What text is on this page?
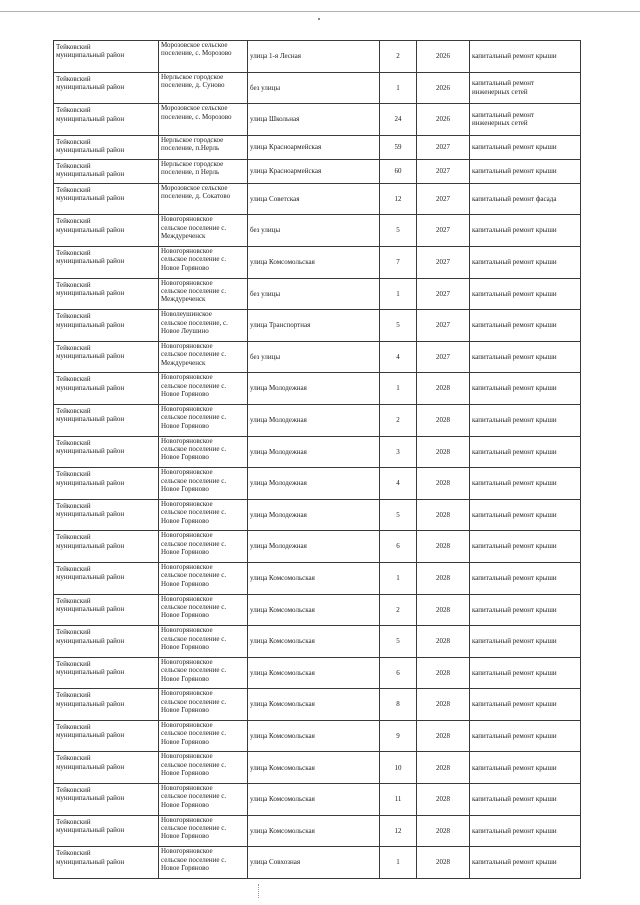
Тейковский
муниципальный район	Морозовское сельское
поселение, с. Морозово	улица 1-я Лесная	2	2026	капитальный ремонт крыши
Тейковский
муниципальный район	Нерльское городское
поселение, д. Суново	без улицы	1	2026	капитальный ремонт
инженерных сетей
Тейковский
муниципальный район	Морозовское сельское
поселение, с. Морозово	улица Школьная	24	2026	капитальный ремонт
инженерных сетей
Тейковский
муниципальный район	Нерльское городское
поселение, п.Нерль	улица Красноармейская	59	2027	капитальный ремонт крыши
Тейковский
муниципальный район	Нерльское городское
поселение, п Нерль	улица Красноармейская	60	2027	капитальный ремонт крыши
Тейковский
муниципальный район	Морозовское сельское
поселение, д. Сокатово	улица Советская	12	2027	капитальный ремонт фасада
Тейковский
муниципальный район	Новогоряновское
сельское поселение с.
Междуреченск	без улицы	5	2027	капитальный ремонт крыши
Тейковский
муниципальный район	Новогоряновское
сельское поселение с.
Новое Горяново	улица Комсомольская	7	2027	капитальный ремонт крыши
Тейковский
муниципальный район	Новогоряновское
сельское поселение с.
Междуреченск	без улицы	1	2027	капитальный ремонт крыши
Тейковский
муниципальный район	Новолеушинское
сельское поселение, с.
Новое Леушино	улица Транспортная	5	2027	капитальный ремонт крыши
Тейковский
муниципальный район	Новогоряновское
сельское поселение с.
Междуреченск	без улицы	4	2027	капитальный ремонт крыши
Тейковский
муниципальный район	Новогоряновское
сельское поселение с.
Новое Горяново	улица Молодежная	1	2028	капитальный ремонт крыши
Тейковский
муниципальный район	Новогоряновское
сельское поселение с.
Новое Горяново	улица Молодежная	2	2028	капитальный ремонт крыши
Тейковский
муниципальный район	Новогоряновское
сельское поселение с.
Новое Горяново	улица Молодежная	3	2028	капитальный ремонт крыши
Тейковский
муниципальный район	Новогоряновское
сельское поселение с.
Новое Горяново	улица Молодежная	4	2028	капитальный ремонт крыши
Тейковский
муниципальный район	Новогоряновское
сельское поселение с.
Новое Горяново	улица Молодежная	5	2028	капитальный ремонт крыши
Тейковский
муниципальный район	Новогоряновское
сельское поселение с.
Новое Горяново	улица Молодежная	6	2028	капитальный ремонт крыши
Тейковский
муниципальный район	Новогоряновское
сельское поселение с.
Новое Горяново	улица Комсомольская	1	2028	капитальный ремонт крыши
Тейковский
муниципальный район	Новогоряновское
сельское поселение с.
Новое Горяново	улица Комсомольская	2	2028	капитальный ремонт крыши
Тейковский
муниципальный район	Новогоряновское
сельское поселение с.
Новое Горяново	улица Комсомольская	5	2028	капитальный ремонт крыши
Тейковский
муниципальный район	Новогоряновское
сельское поселение с.
Новое Горяново	улица Комсомольская	6	2028	капитальный ремонт крыши
Тейковский
муниципальный район	Новогоряновское
сельское поселение с.
Новое Горяново	улица Комсомольская	8	2028	капитальный ремонт крыши
Тейковский
муниципальный район	Новогоряновское
сельское поселение с.
Новое Горяново	улица Комсомольская	9	2028	капитальный ремонт крыши
Тейковский
муниципальный район	Новогоряновское
сельское поселение с.
Новое Горяново	улица Комсомольская	10	2028	капитальный ремонт крыши
Тейковский
муниципальный район	Новогоряновское
сельское поселение с.
Новое Горяново	улица Комсомольская	11	2028	капитальный ремонт крыши
Тейковский
муниципальный район	Новогоряновское
сельское поселение с.
Новое Горяново	улица Комсомольская	12	2028	капитальный ремонт крыши
Тейковский
муниципальный район	Новогоряновское
сельское поселение с.
Новое Горяново	улица Совхозная	1	2028	капитальный ремонт крыши
